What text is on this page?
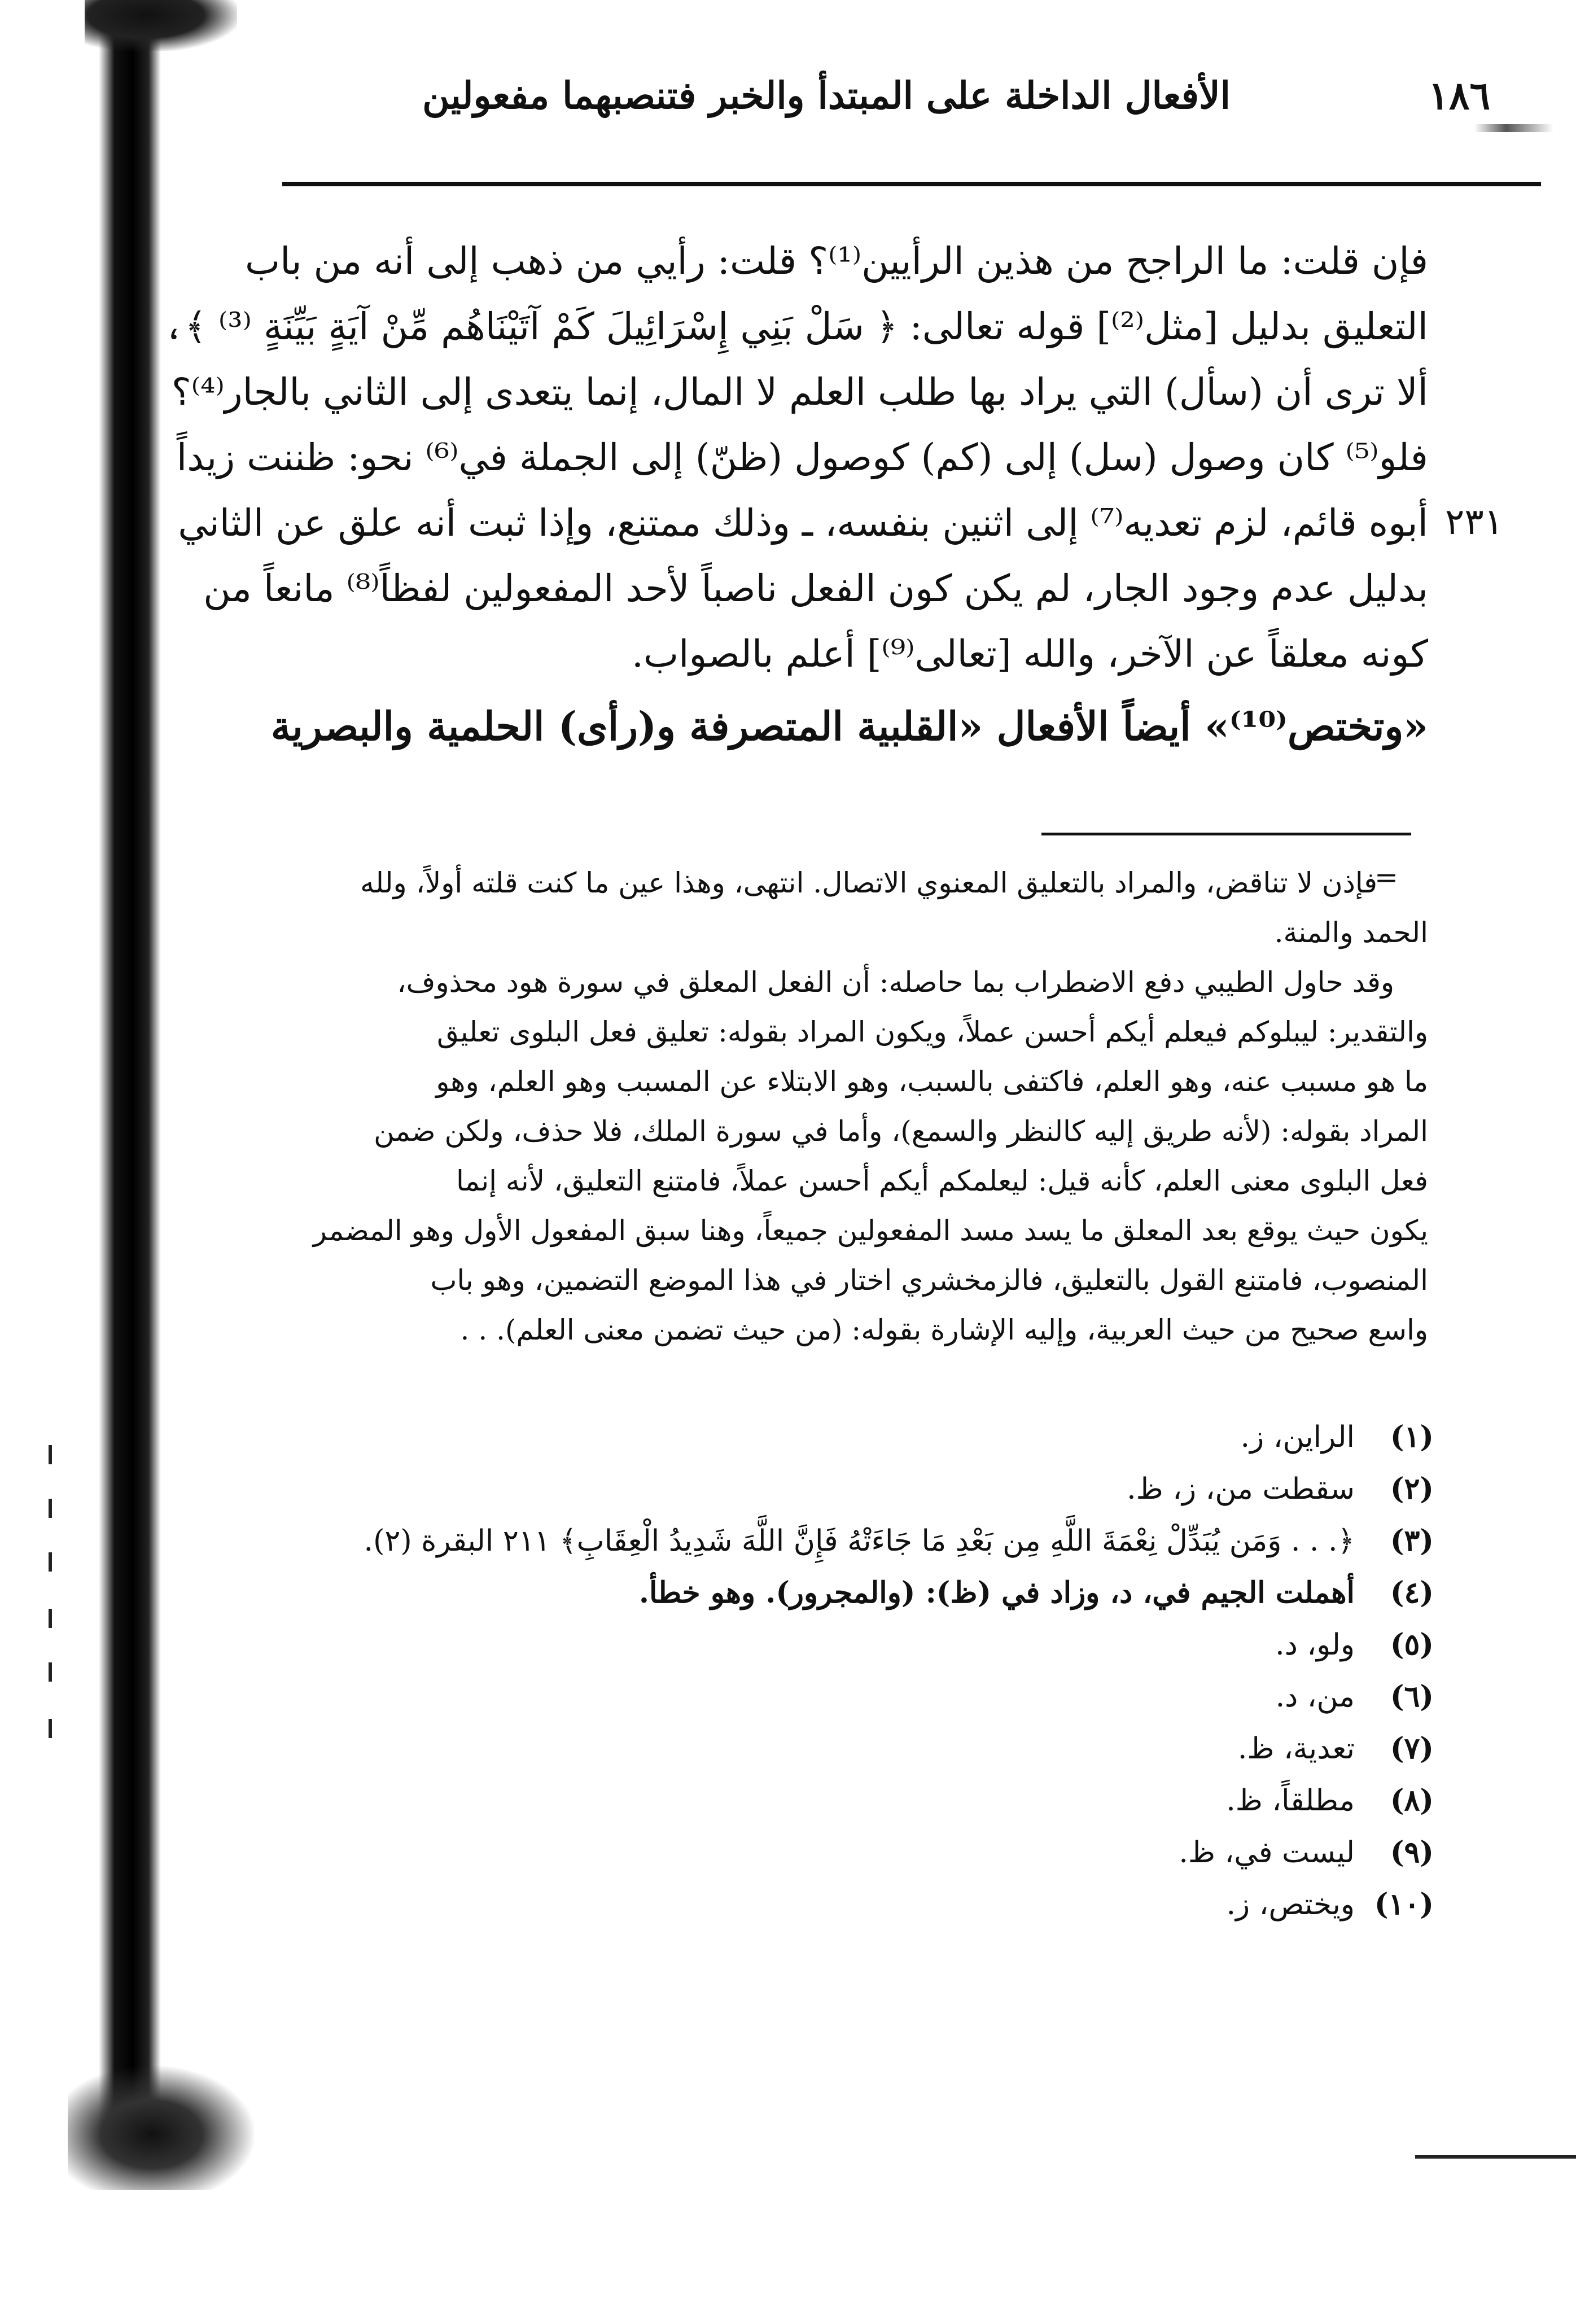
١٨٦
الأفعال الداخلة على المبتدأ والخبر فتنصبهما مفعولين
٢٣١
فإن قلت: ما الراجح من هذين الرأيين⁽¹⁾؟ قلت: رأيي من ذهب إلى أنه من باب
التعليق بدليل [مثل⁽²⁾] قوله تعالى: ﴿ سَلْ بَنِي إِسْرَائِيلَ كَمْ آتَيْنَاهُم مِّنْ آيَةٍ بَيِّنَةٍ ⁽³⁾ ﴾،
ألا ترى أن (سأل) التي يراد بها طلب العلم لا المال، إنما يتعدى إلى الثاني بالجار⁽⁴⁾؟
فلو⁽⁵⁾ كان وصول (سل) إلى (كم) كوصول (ظنّ) إلى الجملة في⁽⁶⁾ نحو: ظننت زيداً
أبوه قائم، لزم تعديه⁽⁷⁾ إلى اثنين بنفسه، ـ وذلك ممتنع، وإذا ثبت أنه علق عن الثاني
بدليل عدم وجود الجار، لم يكن كون الفعل ناصباً لأحد المفعولين لفظاً⁽⁸⁾ مانعاً من
كونه معلقاً عن الآخر، والله [تعالى⁽⁹⁾] أعلم بالصواب.
«وتختص⁽¹⁰⁾» أيضاً الأفعال «القلبية المتصرفة و(رأى) الحلمية والبصرية
=
فإذن لا تناقض، والمراد بالتعليق المعنوي الاتصال. انتهى، وهذا عين ما كنت قلته أولاً، ولله
الحمد والمنة.
وقد حاول الطيبي دفع الاضطراب بما حاصله: أن الفعل المعلق في سورة هود محذوف،
والتقدير: ليبلوكم فيعلم أيكم أحسن عملاً، ويكون المراد بقوله: تعليق فعل البلوى تعليق
ما هو مسبب عنه، وهو العلم، فاكتفى بالسبب، وهو الابتلاء عن المسبب وهو العلم، وهو
المراد بقوله: (لأنه طريق إليه كالنظر والسمع)، وأما في سورة الملك، فلا حذف، ولكن ضمن
فعل البلوى معنى العلم، كأنه قيل: ليعلمكم أيكم أحسن عملاً، فامتنع التعليق، لأنه إنما
يكون حيث يوقع بعد المعلق ما يسد مسد المفعولين جميعاً، وهنا سبق المفعول الأول وهو المضمر
المنصوب، فامتنع القول بالتعليق، فالزمخشري اختار في هذا الموضع التضمين، وهو باب
واسع صحيح من حيث العربية، وإليه الإشارة بقوله: (من حيث تضمن معنى العلم). . .
(١)
الراين، ز.
(٢)
سقطت من، ز، ظ.
(٣)
﴿. . . وَمَن يُبَدِّلْ نِعْمَةَ اللَّهِ مِن بَعْدِ مَا جَاءَتْهُ فَإِنَّ اللَّهَ شَدِيدُ الْعِقَابِ﴾ ٢١١ البقرة (٢).
(٤)
أهملت الجيم في، د، وزاد في (ظ): (والمجرور). وهو خطأ.
(٥)
ولو، د.
(٦)
من، د.
(٧)
تعدية، ظ.
(٨)
مطلقاً، ظ.
(٩)
ليست في، ظ.
(١٠)
ويختص، ز.
